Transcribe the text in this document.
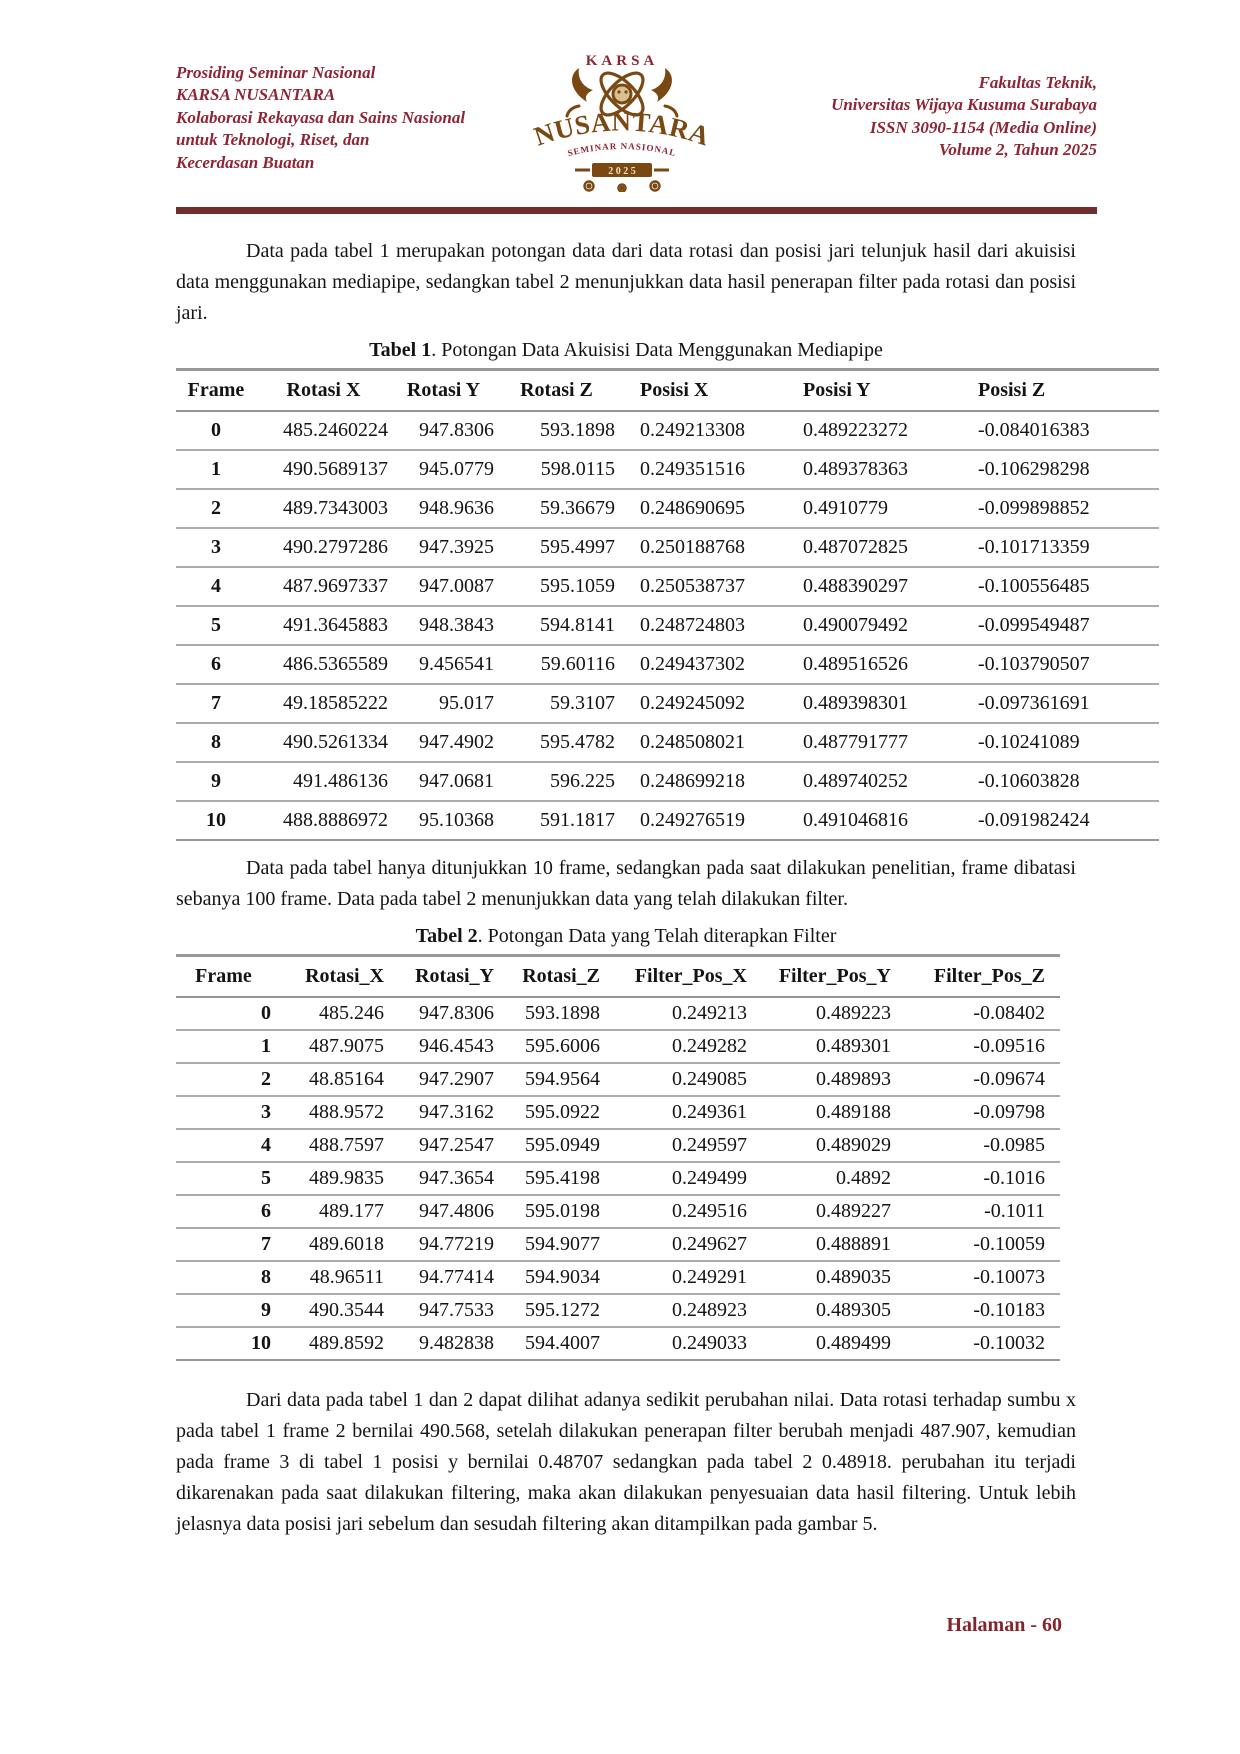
Prosiding Seminar Nasional
KARSA NUSANTARA
Kolaborasi Rekayasa dan Sains Nasional
untuk Teknologi, Riset, dan
Kecerdasan Buatan
KARSA
NUSANTARA
SEMINAR NASIONAL
2 0 2 5
Fakultas Teknik,
Universitas Wijaya Kusuma Surabaya
ISSN 3090-1154 (Media Online)
Volume 2, Tahun 2025

Data pada tabel 1 merupakan potongan data dari data rotasi dan posisi jari telunjuk hasil dari akuisisi data menggunakan mediapipe, sedangkan tabel 2 menunjukkan data hasil penerapan filter pada rotasi dan posisi jari.

Tabel 1. Potongan Data Akuisisi Data Menggunakan Mediapipe
Frame	Rotasi X	Rotasi Y	Rotasi Z	Posisi X	Posisi Y	Posisi Z
0	485.2460224	947.8306	593.1898	0.249213308	0.489223272	-0.084016383
1	490.5689137	945.0779	598.0115	0.249351516	0.489378363	-0.106298298
2	489.7343003	948.9636	59.36679	0.248690695	0.4910779	-0.099898852
3	490.2797286	947.3925	595.4997	0.250188768	0.487072825	-0.101713359
4	487.9697337	947.0087	595.1059	0.250538737	0.488390297	-0.100556485
5	491.3645883	948.3843	594.8141	0.248724803	0.490079492	-0.099549487
6	486.5365589	9.456541	59.60116	0.249437302	0.489516526	-0.103790507
7	49.18585222	95.017	59.3107	0.249245092	0.489398301	-0.097361691
8	490.5261334	947.4902	595.4782	0.248508021	0.487791777	-0.10241089
9	491.486136	947.0681	596.225	0.248699218	0.489740252	-0.10603828
10	488.8886972	95.10368	591.1817	0.249276519	0.491046816	-0.091982424

Data pada tabel hanya ditunjukkan 10 frame, sedangkan pada saat dilakukan penelitian, frame dibatasi sebanya 100 frame. Data pada tabel 2 menunjukkan data yang telah dilakukan filter.

Tabel 2. Potongan Data yang Telah diterapkan Filter
Frame	Rotasi_X	Rotasi_Y	Rotasi_Z	Filter_Pos_X	Filter_Pos_Y	Filter_Pos_Z
0	485.246	947.8306	593.1898	0.249213	0.489223	-0.08402
1	487.9075	946.4543	595.6006	0.249282	0.489301	-0.09516
2	48.85164	947.2907	594.9564	0.249085	0.489893	-0.09674
3	488.9572	947.3162	595.0922	0.249361	0.489188	-0.09798
4	488.7597	947.2547	595.0949	0.249597	0.489029	-0.0985
5	489.9835	947.3654	595.4198	0.249499	0.4892	-0.1016
6	489.177	947.4806	595.0198	0.249516	0.489227	-0.1011
7	489.6018	94.77219	594.9077	0.249627	0.488891	-0.10059
8	48.96511	94.77414	594.9034	0.249291	0.489035	-0.10073
9	490.3544	947.7533	595.1272	0.248923	0.489305	-0.10183
10	489.8592	9.482838	594.4007	0.249033	0.489499	-0.10032

Dari data pada tabel 1 dan 2 dapat dilihat adanya sedikit perubahan nilai. Data rotasi terhadap sumbu x pada tabel 1 frame 2 bernilai 490.568, setelah dilakukan penerapan filter berubah menjadi 487.907, kemudian pada frame 3 di tabel 1 posisi y bernilai 0.48707 sedangkan pada tabel 2 0.48918. perubahan itu terjadi dikarenakan pada saat dilakukan filtering, maka akan dilakukan penyesuaian data hasil filtering. Untuk lebih jelasnya data posisi jari sebelum dan sesudah filtering akan ditampilkan pada gambar 5.

Halaman - 60
